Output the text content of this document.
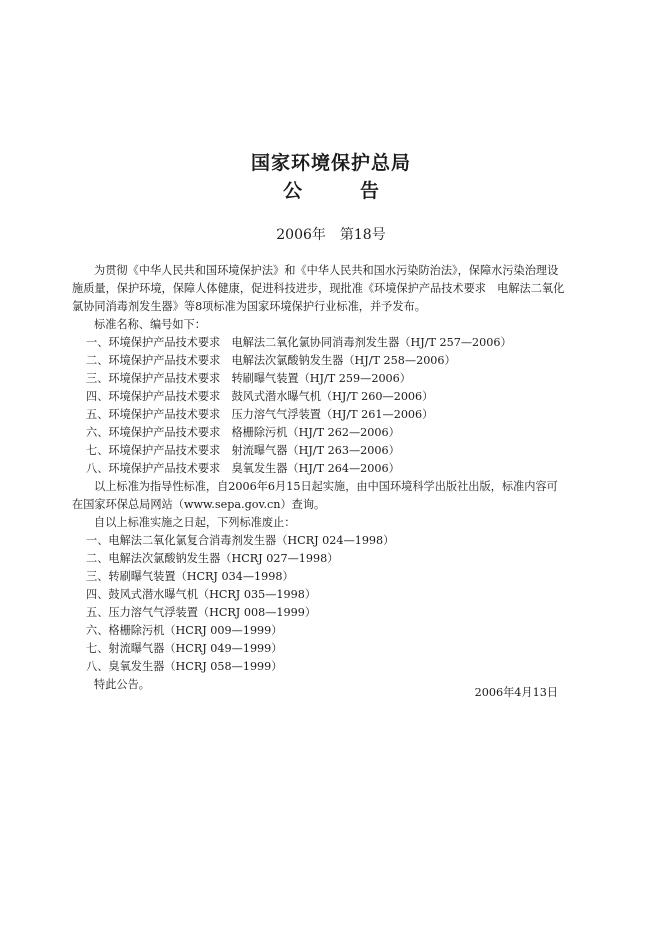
国家环境保护总局
公告
2006年　第18号

为贯彻《中华人民共和国环境保护法》和《中华人民共和国水污染防治法》，保障水污染治理设

施质量，保护环境，保障人体健康，促进科技进步，现批准《环境保护产品技术要求　电解法二氧化

氯协同消毒剂发生器》等8项标准为国家环境保护行业标准，并予发布。

标准名称、编号如下：

一、环境保护产品技术要求　电解法二氧化氯协同消毒剂发生器（HJ/T 257—2006）

二、环境保护产品技术要求　电解法次氯酸钠发生器（HJ/T 258—2006）

三、环境保护产品技术要求　转刷曝气装置（HJ/T 259—2006）

四、环境保护产品技术要求　鼓风式潜水曝气机（HJ/T 260—2006）

五、环境保护产品技术要求　压力溶气气浮装置（HJ/T 261—2006）

六、环境保护产品技术要求　格栅除污机（HJ/T 262—2006）

七、环境保护产品技术要求　射流曝气器（HJ/T 263—2006）

八、环境保护产品技术要求　臭氧发生器（HJ/T 264—2006）

以上标准为指导性标准，自2006年6月15日起实施，由中国环境科学出版社出版，标准内容可

在国家环保总局网站（www.sepa.gov.cn）查询。

自以上标准实施之日起，下列标准废止：

一、电解法二氧化氯复合消毒剂发生器（HCRJ 024—1998）

二、电解法次氯酸钠发生器（HCRJ 027—1998）

三、转刷曝气装置（HCRJ 034—1998）

四、鼓风式潜水曝气机（HCRJ 035—1998）

五、压力溶气气浮装置（HCRJ 008—1999）

六、格栅除污机（HCRJ 009—1999）

七、射流曝气器（HCRJ 049—1999）

八、臭氧发生器（HCRJ 058—1999）

特此公告。

2006年4月13日
